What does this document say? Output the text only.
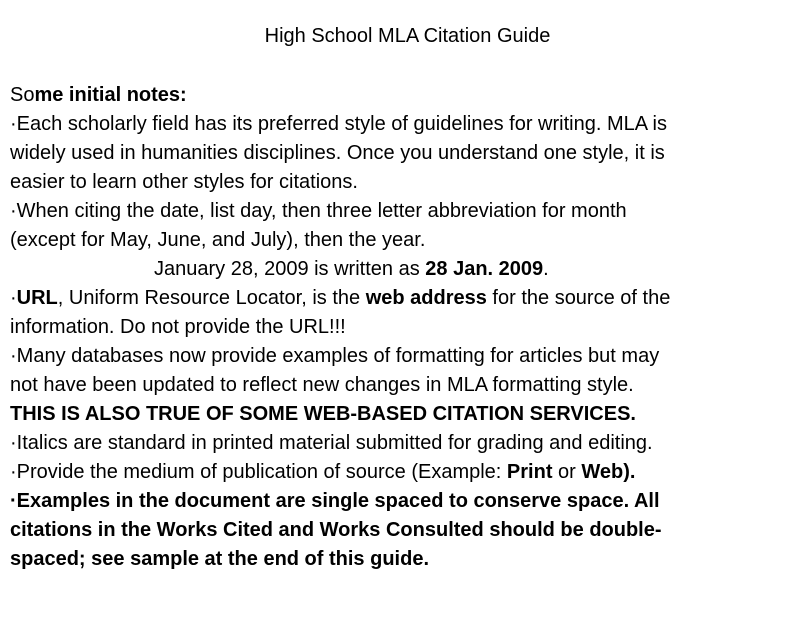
High School MLA Citation Guide
Some initial notes:
·Each scholarly field has its preferred style of guidelines for writing. MLA is
widely used in humanities disciplines. Once you understand one style, it is
easier to learn other styles for citations.
·When citing the date, list day, then three letter abbreviation for month
(except for May, June, and July), then the year.
January 28, 2009 is written as 28 Jan. 2009.
·URL, Uniform Resource Locator, is the web address for the source of the
information. Do not provide the URL!!!
·Many databases now provide examples of formatting for articles but may
not have been updated to reflect new changes in MLA formatting style.
THIS IS ALSO TRUE OF SOME WEB-BASED CITATION SERVICES.
·Italics are standard in printed material submitted for grading and editing.
·Provide the medium of publication of source (Example: Print or Web).
·Examples in the document are single spaced to conserve space. All
citations in the Works Cited and Works Consulted should be double-
spaced; see sample at the end of this guide.
